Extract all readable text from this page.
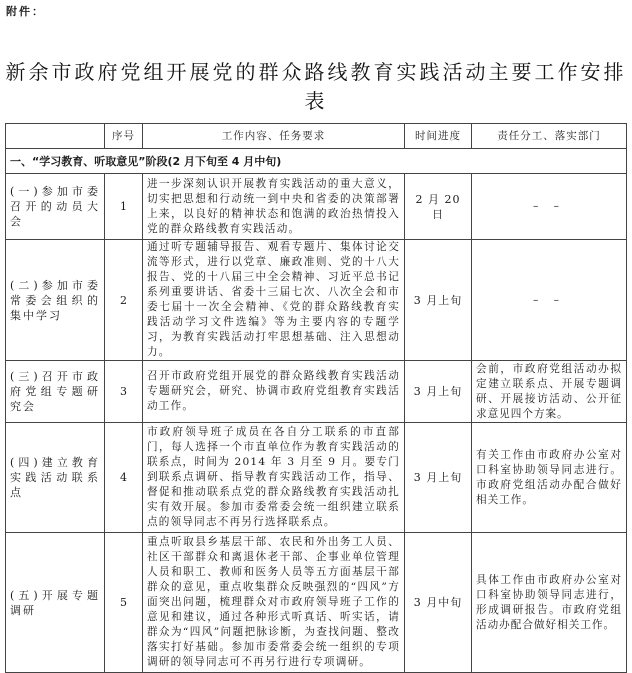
附件：
新余市政府党组开展党的群众路线教育实践活动主要工作安排表
	序号	工作内容、任务要求	时间进度	责任分工、落实部门
一、“学习教育、听取意见”阶段(2 月下旬至 4 月中旬)				
(一)参加市委召开的动员大会	1	进一步深刻认识开展教育实践活动的重大意义，切实把思想和行动统一到中央和省委的决策部署上来，以良好的精神状态和饱满的政治热情投入党的群众路线教育实践活动。	2 月 20 日	– –
(二)参加市委常委会组织的集中学习	2	通过听专题辅导报告、观看专题片、集体讨论交流等形式，进行以党章、廉政准则、党的十八大报告、党的十八届三中全会精神、习近平总书记系列重要讲话、省委十三届七次、八次全会和市委七届十一次全会精神、《党的群众路线教育实践活动学习文件选编》等为主要内容的专题学习，为教育实践活动打牢思想基础、注入思想动力。	3 月上旬	– –
(三)召开市政府党组专题研究会	3	召开市政府党组开展党的群众路线教育实践活动专题研究会，研究、协调市政府党组教育实践活动工作。	3 月上旬	会前，市政府党组活动办拟定建立联系点、开展专题调研、开展接访活动、公开征求意见四个方案。
(四)建立教育实践活动联系点	4	市政府领导班子成员在各自分工联系的市直部门，每人选择一个市直单位作为教育实践活动的联系点，时间为 2014 年 3 月至 9 月。要专门到联系点调研、指导教育实践活动工作，指导、督促和推动联系点党的群众路线教育实践活动扎实有效开展。参加市委常委会统一组织建立联系点的领导同志不再另行选择联系点。	3 月上旬	有关工作由市政府办公室对口科室协助领导同志进行。市政府党组活动办配合做好相关工作。
(五)开展专题调研	5	重点听取县乡基层干部、农民和外出务工人员、社区干部群众和离退休老干部、企事业单位管理人员和职工、教师和医务人员等五方面基层干部群众的意见，重点收集群众反映强烈的“四风”方面突出问题，梳理群众对市政府领导班子工作的意见和建议，通过各种形式听真话、听实话，请群众为“四风”问题把脉诊断，为查找问题、整改落实打好基础。参加市委常委会统一组织的专项调研的领导同志可不再另行进行专项调研。	3 月中旬	具体工作由市政府办公室对口科室协助领导同志进行，形成调研报告。市政府党组活动办配合做好相关工作。
